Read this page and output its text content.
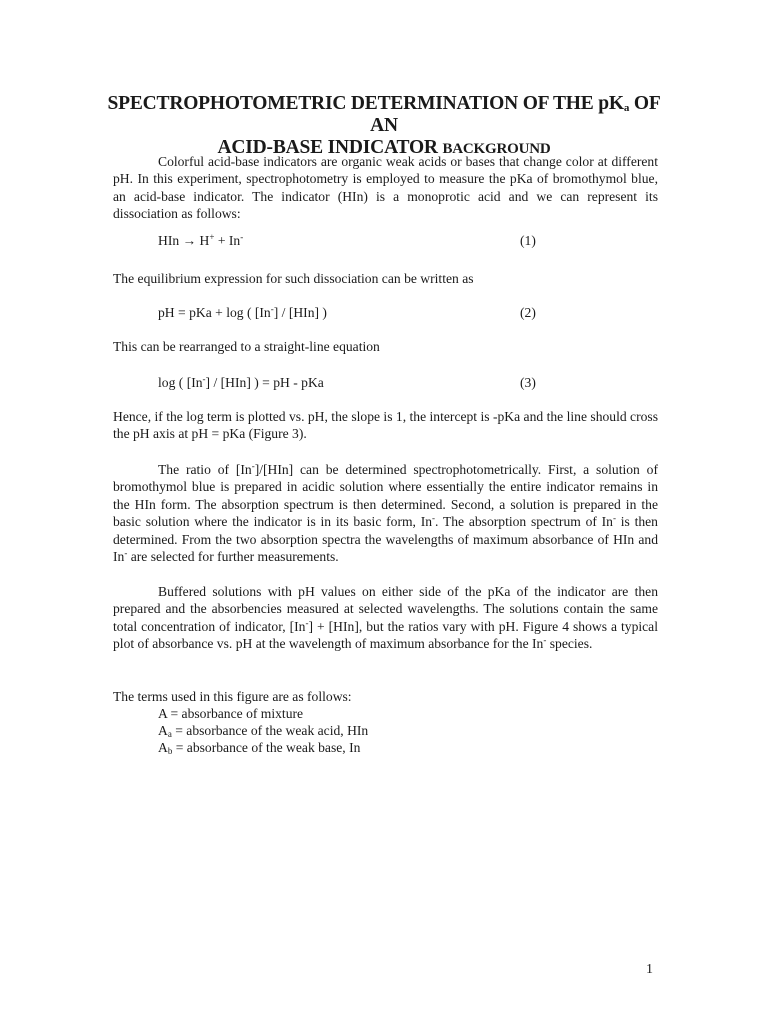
SPECTROPHOTOMETRIC DETERMINATION OF THE $pK_a$ OF AN
ACID-BASE INDICATOR BACKGROUND

Colorful acid-base indicators are organic weak acids or bases that change color at different pH. In this experiment, spectrophotometry is employed to measure the pKa of bromothymol blue, an acid-base indicator. The indicator (HIn) is a monoprotic acid and we can represent its dissociation as follows:

HIn → H+ + In-	(1)

The equilibrium expression for such dissociation can be written as

pH = pKa + log ( [In-] / [HIn] )	(2)

This can be rearranged to a straight-line equation

log ( [In-] / [HIn] ) = pH - pKa	(3)

Hence, if the log term is plotted vs. pH, the slope is 1, the intercept is -pKa and the line should cross the pH axis at pH = pKa (Figure 3).

The ratio of [In-]/[HIn] can be determined spectrophotometrically. First, a solution of bromothymol blue is prepared in acidic solution where essentially the entire indicator remains in the HIn form. The absorption spectrum is then determined. Second, a solution is prepared in the basic solution where the indicator is in its basic form, In-. The absorption spectrum of In- is then determined. From the two absorption spectra the wavelengths of maximum absorbance of HIn and In- are selected for further measurements.

Buffered solutions with pH values on either side of the pKa of the indicator are then prepared and the absorbencies measured at selected wavelengths. The solutions contain the same total concentration of indicator, [In-] + [HIn], but the ratios vary with pH. Figure 4 shows a typical plot of absorbance vs. pH at the wavelength of maximum absorbance for the In- species.

The terms used in this figure are as follows:

A = absorbance of mixture
$A_a$ = absorbance of the weak acid, HIn
$A_b$ = absorbance of the weak base, In
1
